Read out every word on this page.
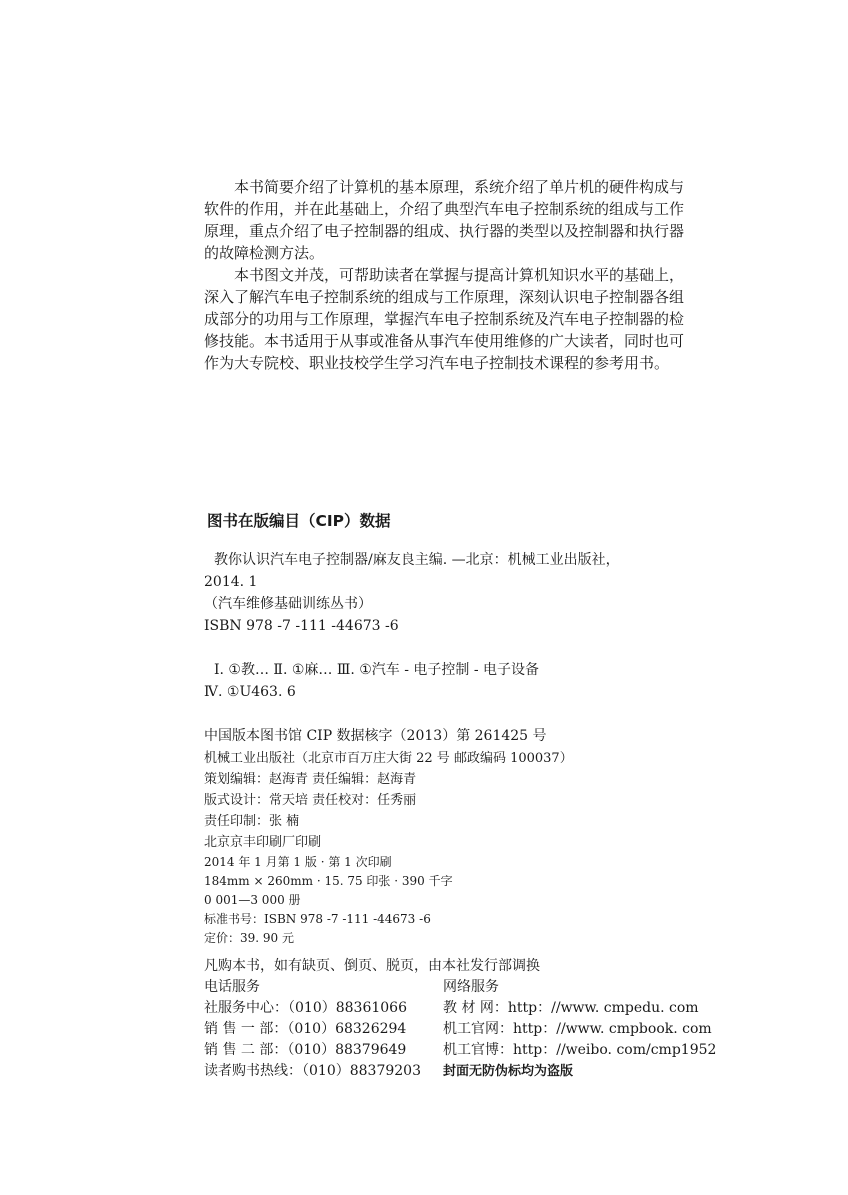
本书简要介绍了计算机的基本原理，系统介绍了单片机的硬件构成与软件的作用，并在此基础上，介绍了典型汽车电子控制系统的组成与工作原理，重点介绍了电子控制器的组成、执行器的类型以及控制器和执行器的故障检测方法。

本书图文并茂，可帮助读者在掌握与提高计算机知识水平的基础上，深入了解汽车电子控制系统的组成与工作原理，深刻认识电子控制器各组成部分的功用与工作原理，掌握汽车电子控制系统及汽车电子控制器的检修技能。本书适用于从事或准备从事汽车使用维修的广大读者，同时也可作为大专院校、职业技校学生学习汽车电子控制技术课程的参考用书。

图书在版编目（CIP）数据
教你认识汽车电子控制器/麻友良主编. —北京：机械工业出版社，
2014. 1
（汽车维修基础训练丛书）
ISBN 978 -7 -111 -44673 -6
Ⅰ. ①教… Ⅱ. ①麻… Ⅲ. ①汽车 - 电子控制 - 电子设备
Ⅳ. ①U463. 6
中国版本图书馆 CIP 数据核字（2013）第 261425 号
机械工业出版社（北京市百万庄大街 22 号 邮政编码 100037）
策划编辑：赵海青 责任编辑：赵海青
版式设计：常天培 责任校对：任秀丽
责任印制：张 楠
北京京丰印刷厂印刷
2014 年 1 月第 1 版 · 第 1 次印刷
184mm × 260mm · 15. 75 印张 · 390 千字
0 001—3 000 册
标准书号：ISBN 978 -7 -111 -44673 -6
定价：39. 90 元
凡购本书，如有缺页、倒页、脱页，由本社发行部调换
电话服务	网络服务
社服务中心：（010）88361066	教 材 网：http：//www. cmpedu. com
销 售 一 部：（010）68326294	机工官网：http：//www. cmpbook. com
销 售 二 部：（010）88379649	机工官博：http：//weibo. com/cmp1952
读者购书热线：（010）88379203	封面无防伪标均为盗版
